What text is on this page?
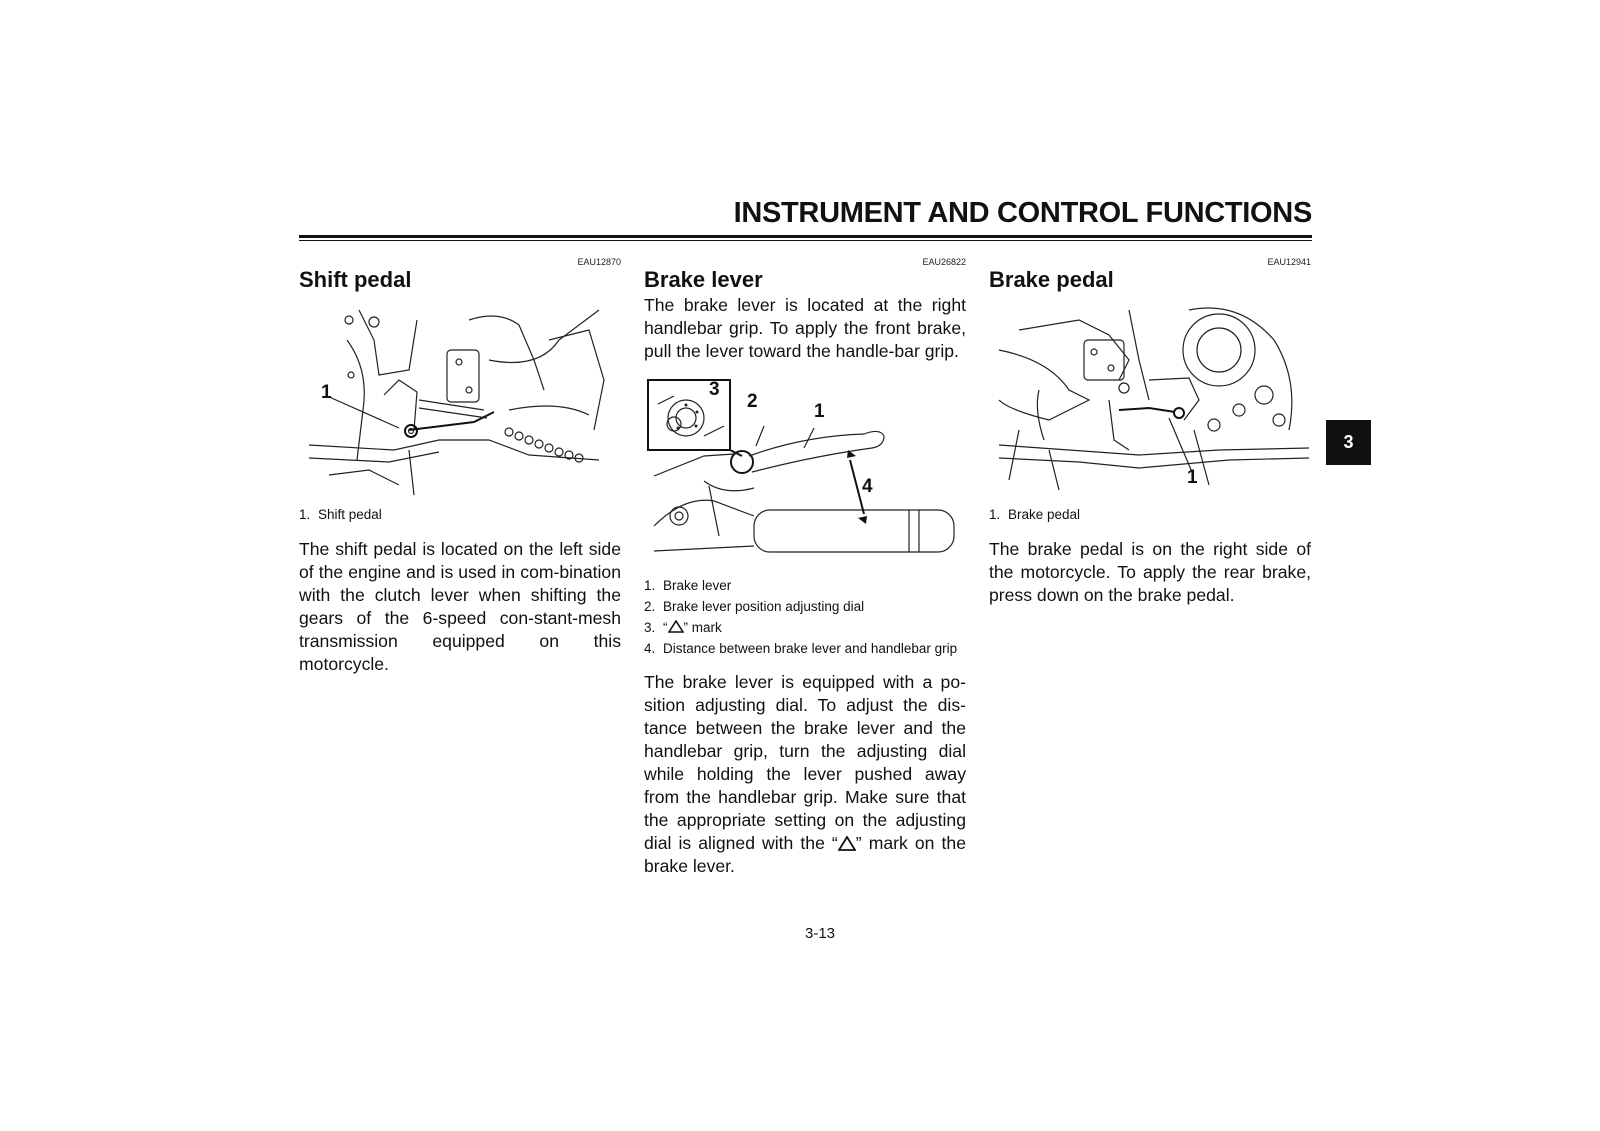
INSTRUMENT AND CONTROL FUNCTIONS
EAU12870
Shift pedal
1
1. Shift pedal

The shift pedal is located on the left side of the engine and is used in com-bination with the clutch lever when shifting the gears of the 6-speed con-stant-mesh transmission equipped on this motorcycle.

EAU26822
Brake lever

The brake lever is located at the right handlebar grip. To apply the front brake, pull the lever toward the handle-bar grip.

3
2	1
4
1. Brake lever
2. Brake lever position adjusting dial
3. “ ” mark
4. Distance between brake lever and handlebar grip

The brake lever is equipped with a po-sition adjusting dial. To adjust the dis-tance between the brake lever and the handlebar grip, turn the adjusting dial while holding the lever pushed away from the handlebar grip. Make sure that the appropriate setting on the adjusting dial is aligned with the “ ” mark on the brake lever.

EAU12941
Brake pedal
1
1. Brake pedal

The brake pedal is on the right side of the motorcycle. To apply the rear brake, press down on the brake pedal.

3
3-13
